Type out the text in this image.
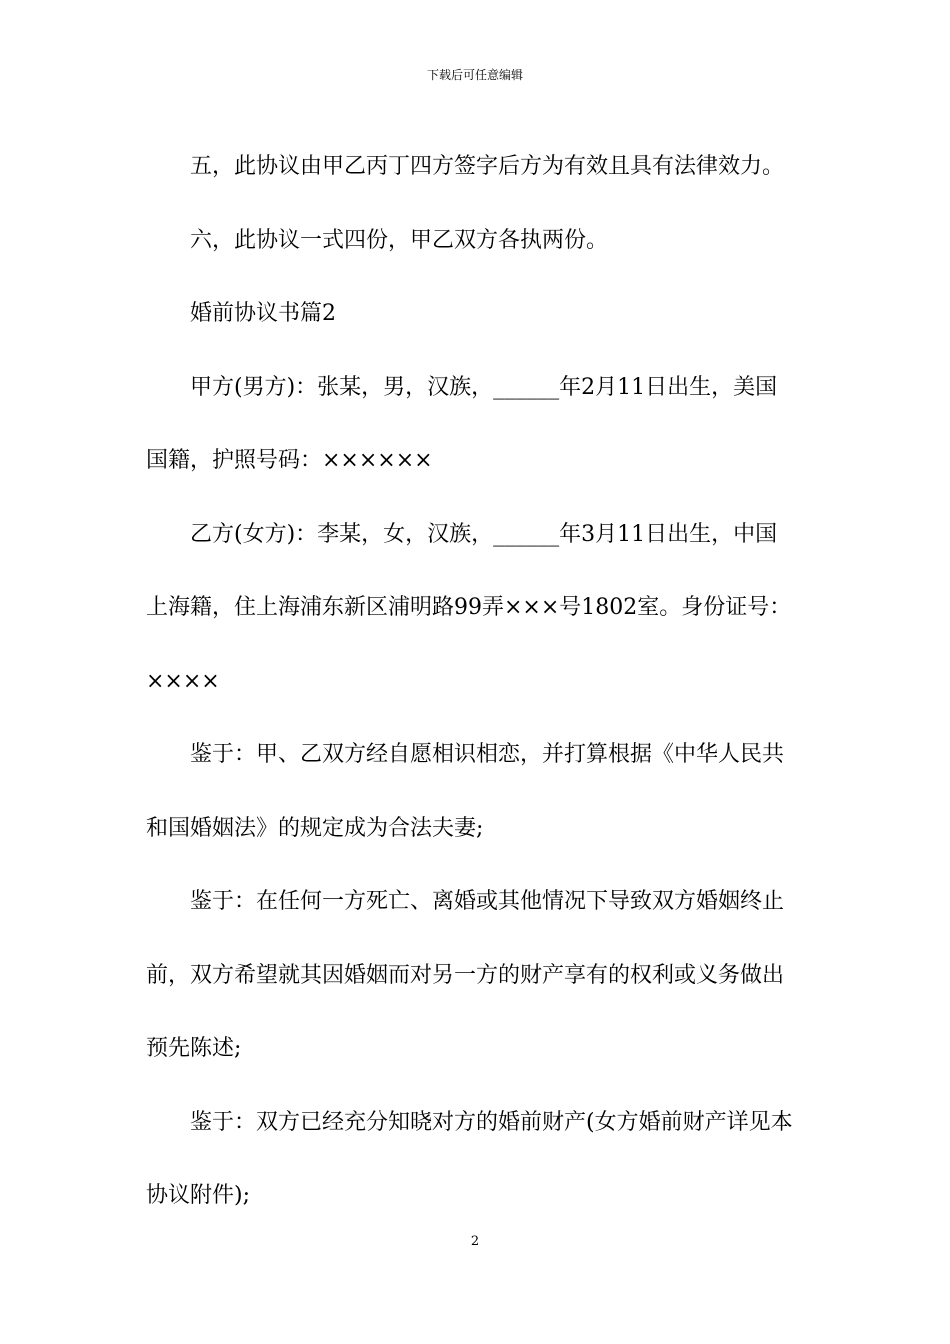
下载后可任意编辑

五，此协议由甲乙丙丁四方签字后方为有效且具有法律效力。

六，此协议一式四份，甲乙双方各执两份。

婚前协议书篇2

甲方(男方)：张某，男，汉族，______年2月11日出生，美国

国籍，护照号码：××××××

乙方(女方)：李某，女，汉族，______年3月11日出生，中国

上海籍，住上海浦东新区浦明路99弄×××号1802室。身份证号：

××××

鉴于：甲、乙双方经自愿相识相恋，并打算根据《中华人民共

和国婚姻法》的规定成为合法夫妻;

鉴于：在任何一方死亡、离婚或其他情况下导致双方婚姻终止

前，双方希望就其因婚姻而对另一方的财产享有的权利或义务做出

预先陈述;

鉴于：双方已经充分知晓对方的婚前财产(女方婚前财产详见本

协议附件);

2
